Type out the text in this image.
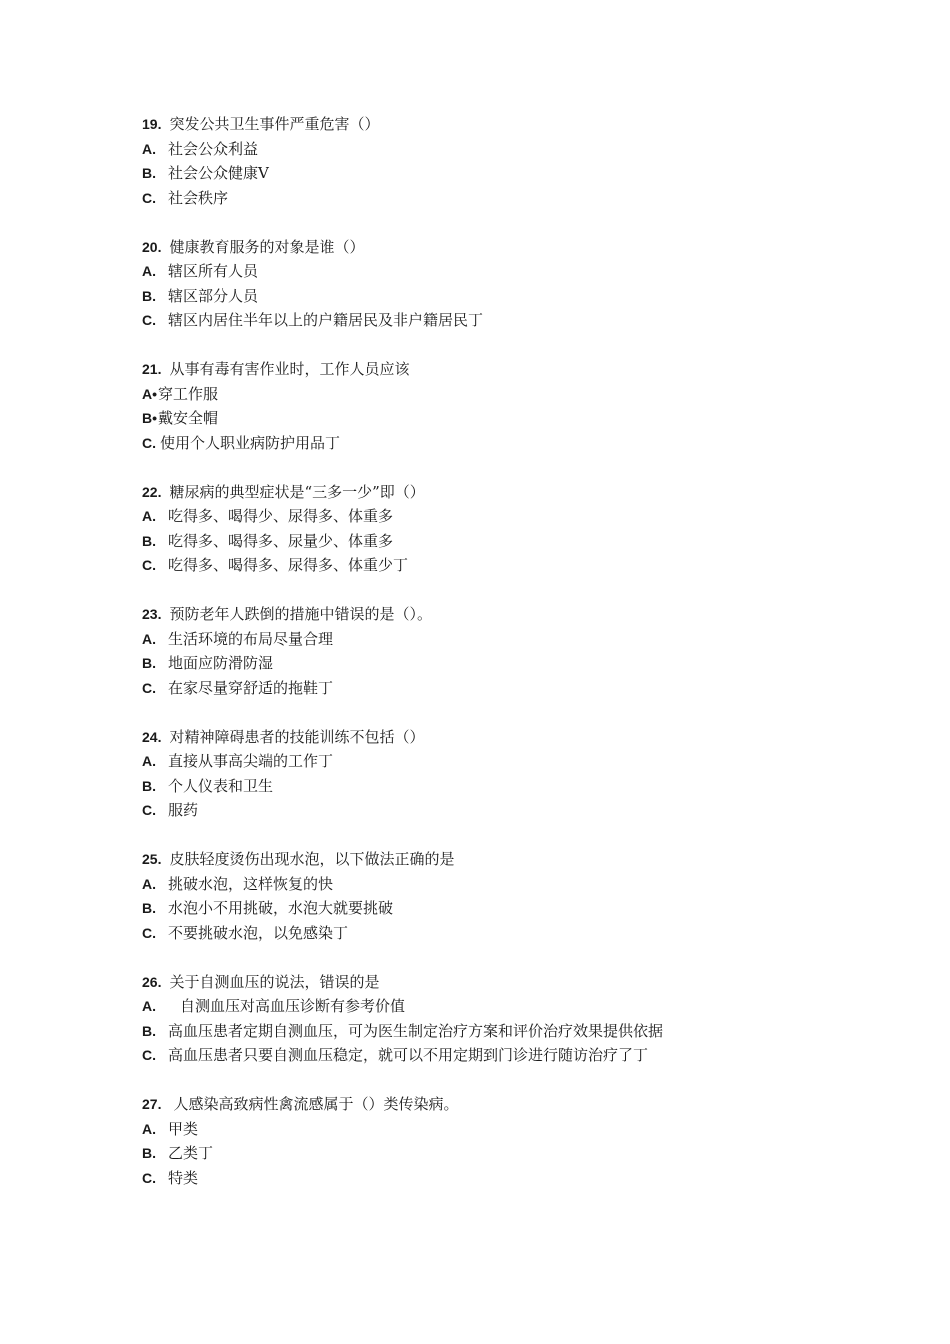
19. 突发公共卫生事件严重危害（）
A. 社会公众利益
B. 社会公众健康V
C. 社会秩序
20. 健康教育服务的对象是谁（）
A. 辖区所有人员
B. 辖区部分人员
C. 辖区内居住半年以上的户籍居民及非户籍居民丁
21. 从事有毒有害作业时，工作人员应该
A•穿工作服
B•戴安全帽
C. 使用个人职业病防护用品丁
22. 糖尿病的典型症状是“三多一少”即（）
A. 吃得多、喝得少、尿得多、体重多
B. 吃得多、喝得多、尿量少、体重多
C. 吃得多、喝得多、尿得多、体重少丁
23. 预防老年人跌倒的措施中错误的是（）。
A. 生活环境的布局尽量合理
B. 地面应防滑防湿
C. 在家尽量穿舒适的拖鞋丁
24. 对精神障碍患者的技能训练不包括（）
A. 直接从事高尖端的工作丁
B. 个人仪表和卫生
C. 服药
25. 皮肤轻度烫伤出现水泡，以下做法正确的是
A. 挑破水泡，这样恢复的快
B. 水泡小不用挑破，水泡大就要挑破
C. 不要挑破水泡，以免感染丁
26. 关于自测血压的说法，错误的是
A. 自测血压对高血压诊断有参考价值
B. 高血压患者定期自测血压，可为医生制定治疗方案和评价治疗效果提供依据
C. 高血压患者只要自测血压稳定，就可以不用定期到门诊进行随访治疗了丁
27. 人感染高致病性禽流感属于（）类传染病。
A. 甲类
B. 乙类丁
C. 特类
